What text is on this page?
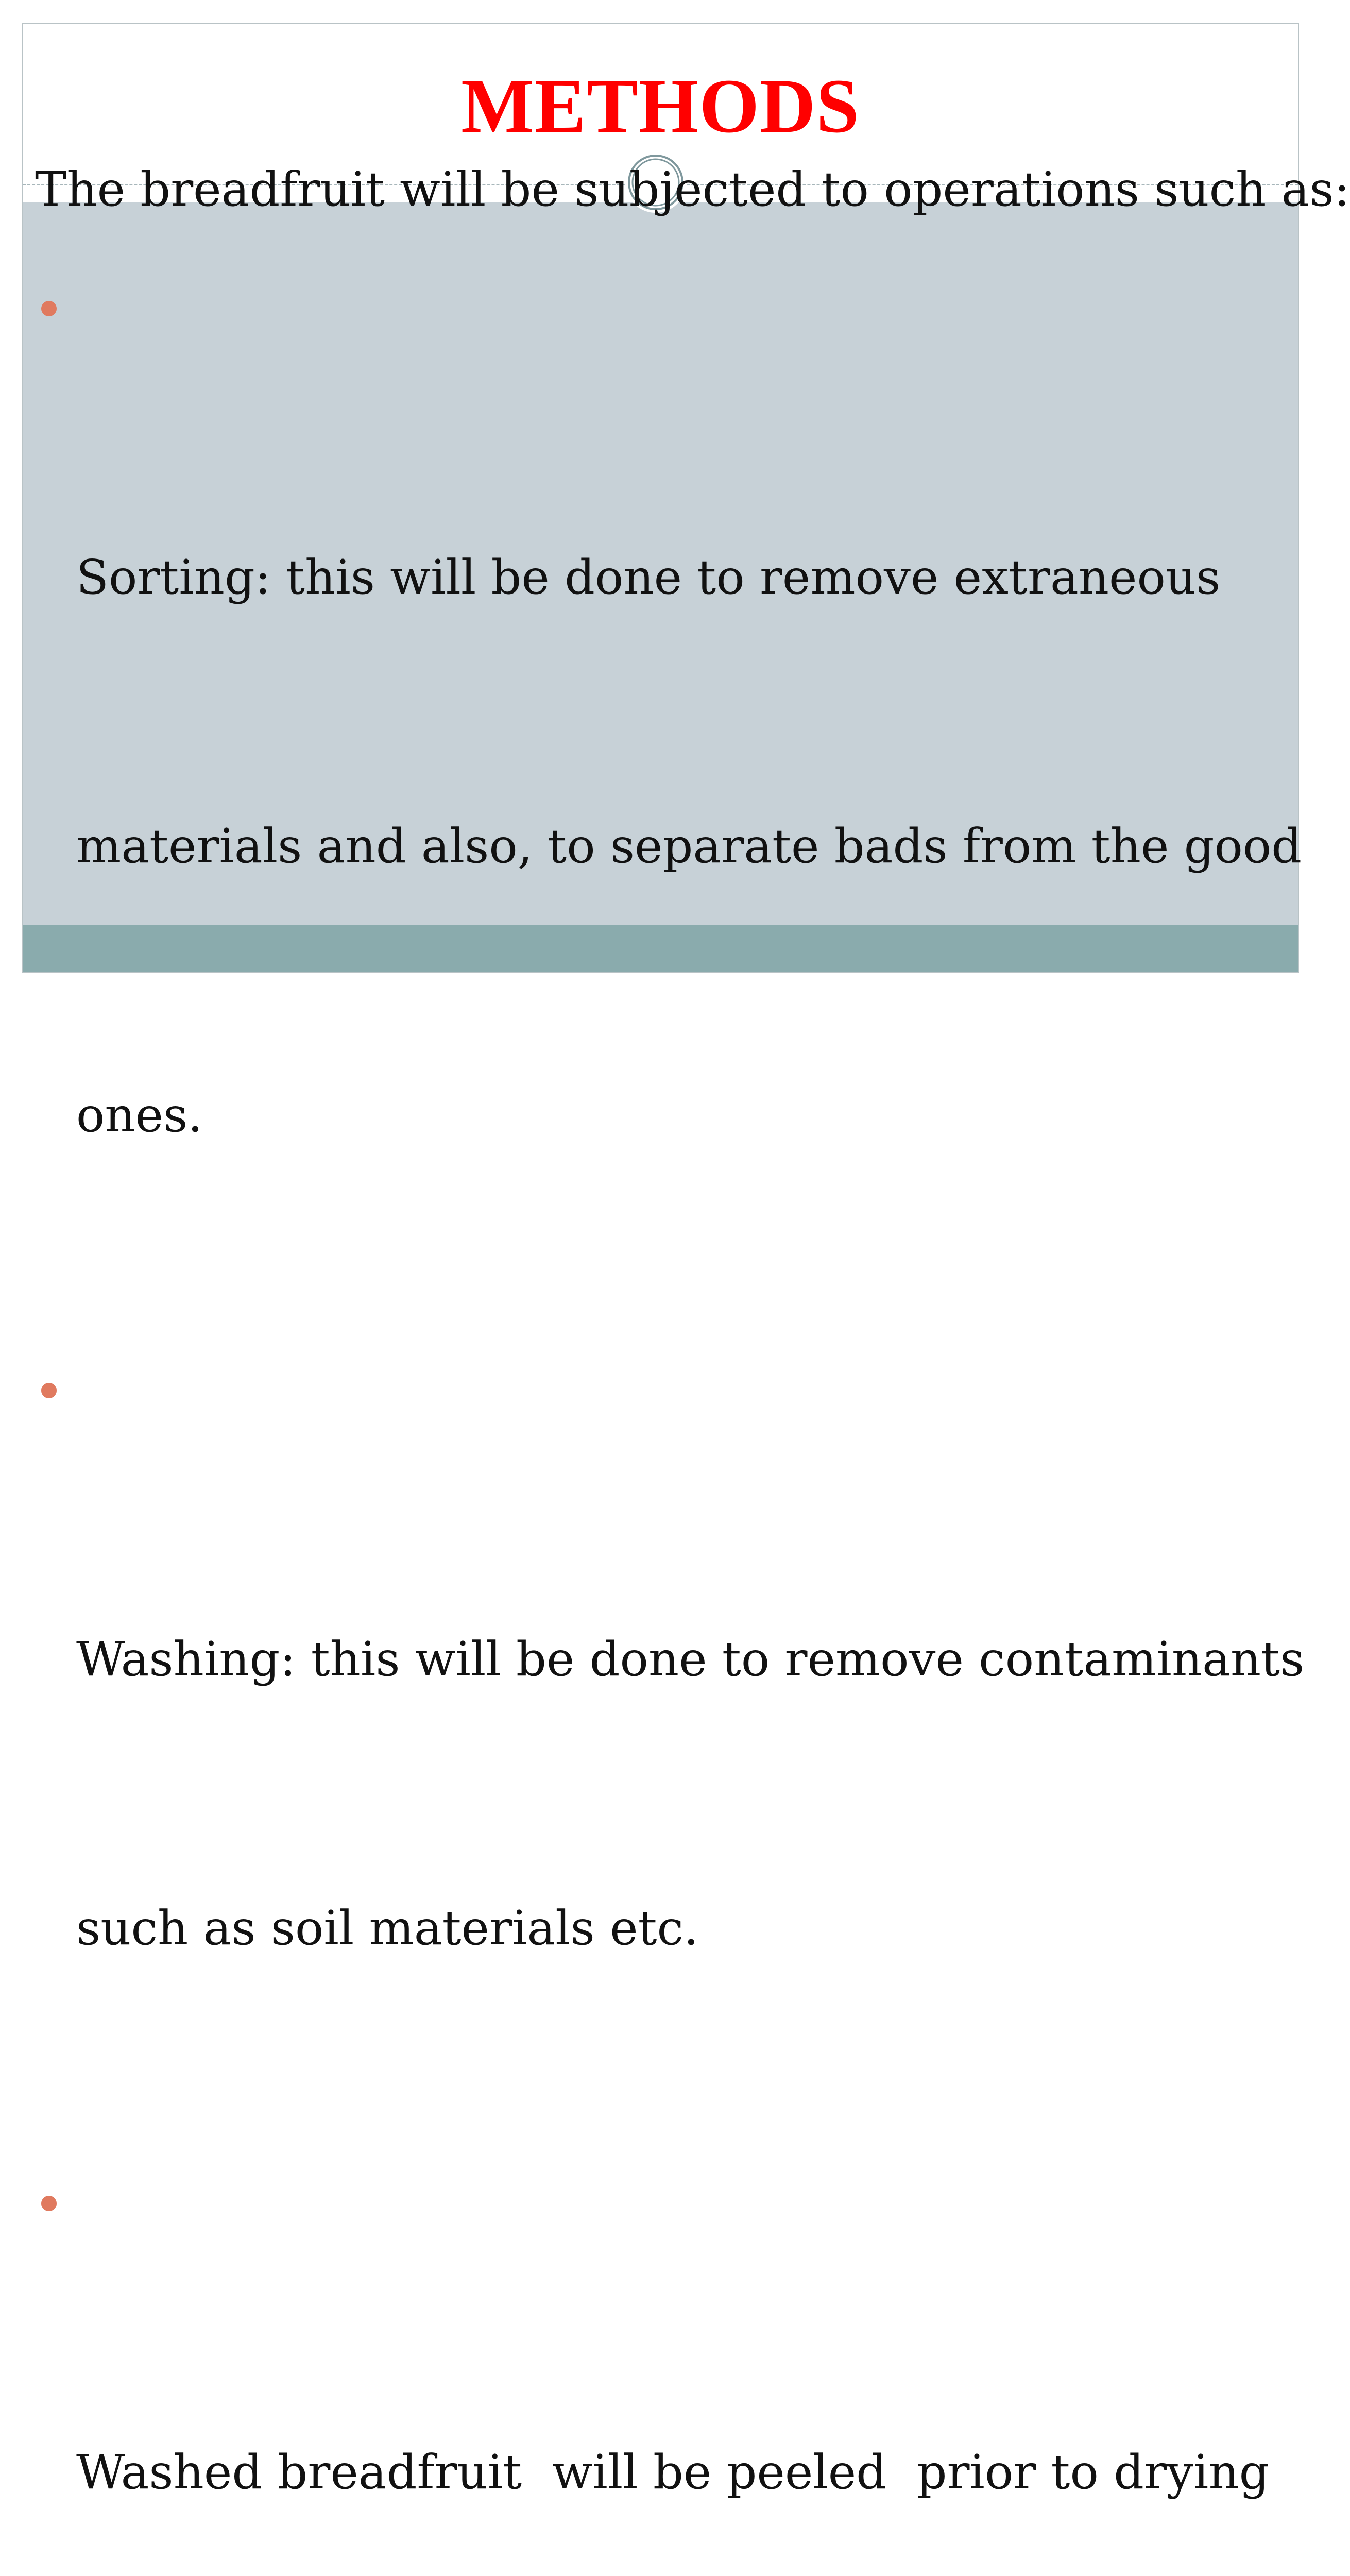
METHODS
The breadfruit will be subjected to operations such as:

Sorting: this will be done to remove extraneous

materials and also, to separate bads from the good

ones.

Washing: this will be done to remove contaminants

such as soil materials etc.

Washed breadfruit  will be peeled  prior to drying
